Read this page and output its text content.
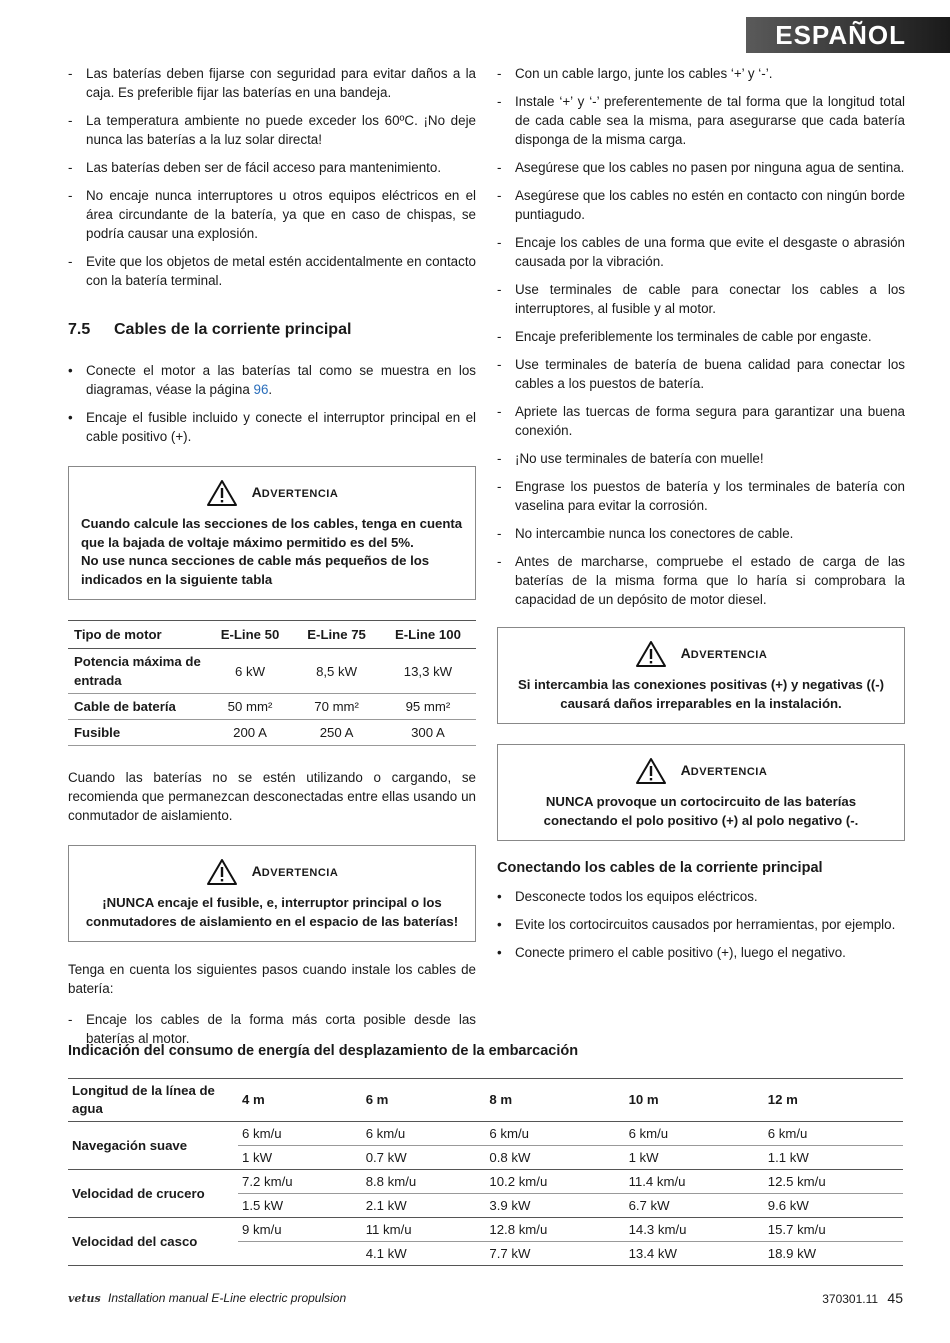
ESPAÑOL
- Las baterías deben fijarse con seguridad para evitar daños a la caja. Es preferible fijar las baterías en una bandeja.
- La temperatura ambiente no puede exceder los 60ºC. ¡No deje nunca las baterías a la luz solar directa!
- Las baterías deben ser de fácil acceso para mantenimiento.
- No encaje nunca interruptores u otros equipos eléctricos en el área circundante de la batería, ya que en caso de chispas, se podría causar una explosión.
- Evite que los objetos de metal estén accidentalmente en contacto con la batería terminal.
7.5 Cables de la corriente principal
• Conecte el motor a las baterías tal como se muestra en los diagramas, véase la página 96.
• Encaje el fusible incluido y conecte el interruptor principal en el cable positivo (+).
ADVERTENCIA
Cuando calcule las secciones de los cables, tenga en cuenta que la bajada de voltaje máximo permitido es del 5%.
No use nunca secciones de cable más pequeños de los indicados en la siguiente tabla
Tipo de motor	E-Line 50	E-Line 75	E-Line 100
Potencia máxima de entrada	6 kW	8,5 kW	13,3 kW
Cable de batería	50 mm²	70 mm²	95 mm²
Fusible	200 A	250 A	300 A

Cuando las baterías no se estén utilizando o cargando, se recomienda que permanezcan desconectadas entre ellas usando un conmutador de aislamiento.

ADVERTENCIA
¡NUNCA encaje el fusible, e, interruptor principal o los conmutadores de aislamiento en el espacio de las baterías!

Tenga en cuenta los siguientes pasos cuando instale los cables de batería:

- Encaje los cables de la forma más corta posible desde las baterías al motor.
- Con un cable largo, junte los cables ‘+’ y ‘-’.
- Instale ‘+’ y ‘-’ preferentemente de tal forma que la longitud total de cada cable sea la misma, para asegurarse que cada batería disponga de la misma carga.
- Asegúrese que los cables no pasen por ninguna agua de sentina.
- Asegúrese que los cables no estén en contacto con ningún borde puntiagudo.
- Encaje los cables de una forma que evite el desgaste o abrasión causada por la vibración.
- Use terminales de cable para conectar los cables a los interruptores, al fusible y al motor.
- Encaje preferiblemente los terminales de cable por engaste.
- Use terminales de batería de buena calidad para conectar los cables a los puestos de batería.
- Apriete las tuercas de forma segura para garantizar una buena conexión.
- ¡No use terminales de batería con muelle!
- Engrase los puestos de batería y los terminales de batería con vaselina para evitar la corrosión.
- No intercambie nunca los conectores de cable.
- Antes de marcharse, compruebe el estado de carga de las baterías de la misma forma que lo haría si comprobara la capacidad de un depósito de motor diesel.
ADVERTENCIA
Si intercambia las conexiones positivas (+) y negativas ((-) causará daños irreparables en la instalación.
ADVERTENCIA
NUNCA provoque un cortocircuito de las baterías conectando el polo positivo (+) al polo negativo (-.
Conectando los cables de la corriente principal
• Desconecte todos los equipos eléctricos.
• Evite los cortocircuitos causados por herramientas, por ejemplo.
• Conecte primero el cable positivo (+), luego el negativo.
Indicación del consumo de energía del desplazamiento de la embarcación
Longitud de la línea de agua	4 m	6 m	8 m	10 m	12 m
Navegación suave	6 km/u	6 km/u	6 km/u	6 km/u	6 km/u
	1 kW	0.7 kW	0.8 kW	1 kW	1.1 kW
Velocidad de crucero	7.2 km/u	8.8 km/u	10.2 km/u	11.4 km/u	12.5 km/u
	1.5 kW	2.1 kW	3.9 kW	6.7 kW	9.6 kW
Velocidad del casco	9 km/u	11 km/u	12.8 km/u	14.3 km/u	15.7 km/u
		4.1 kW	7.7 kW	13.4 kW	18.9 kW
vetus Installation manual E-Line electric propulsion	370301.11 45
